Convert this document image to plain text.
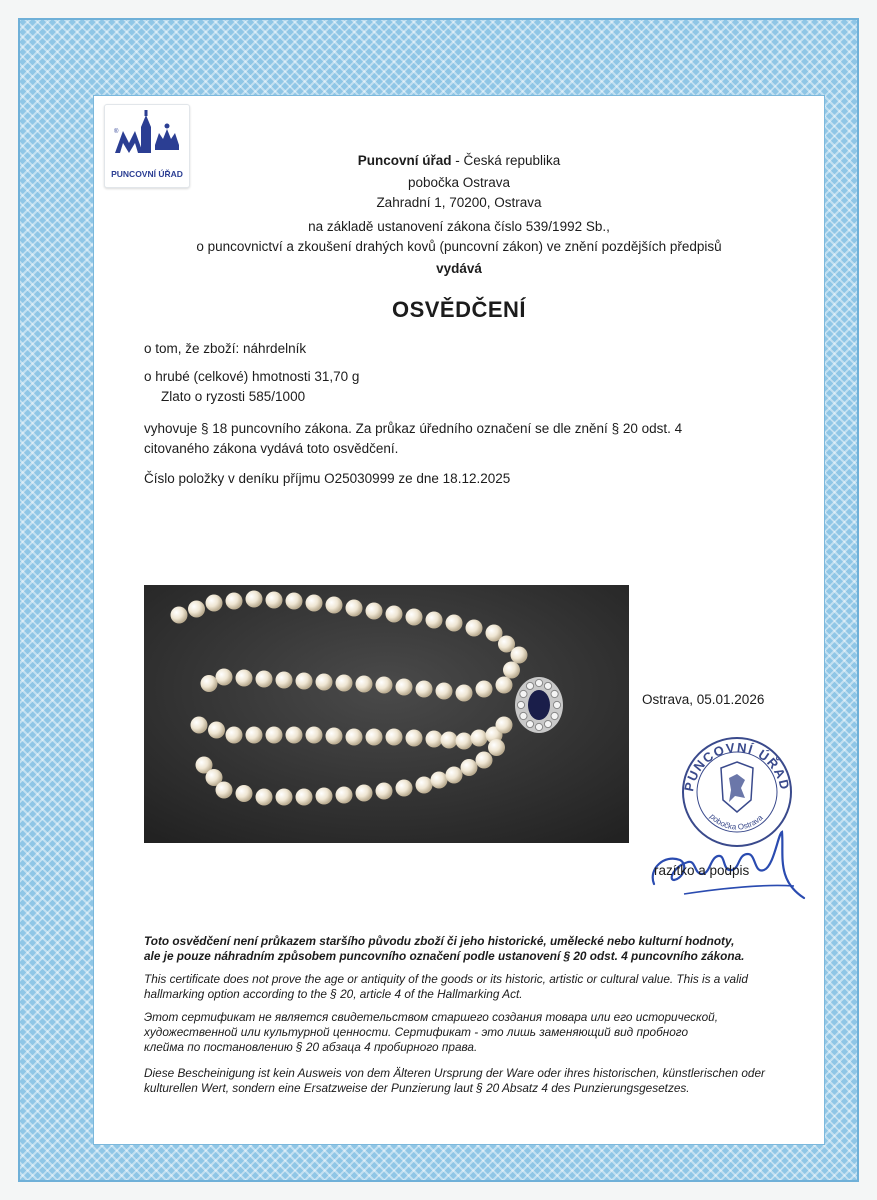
®
PUNCOVNÍ ÚŘAD
Puncovní úřad - Česká republika
pobočka Ostrava
Zahradní 1, 70200, Ostrava
na základě ustanovení zákona číslo 539/1992 Sb.,
o puncovnictví a zkoušení drahých kovů (puncovní zákon) ve znění pozdějších předpisů
vydává
OSVĚDČENÍ
o tom, že zboží: náhrdelník
o hrubé (celkové) hmotnosti 31,70 g
Zlato o ryzosti 585/1000
vyhovuje § 18 puncovního zákona. Za průkaz úředního označení se dle znění § 20 odst. 4
citovaného zákona vydává toto osvědčení.
Číslo položky v deníku příjmu O25030999 ze dne 18.12.2025
Ostrava, 05.01.2026
PUNCOVNÍ ÚŘAD
pobočka Ostrava
razítko a podpis
Toto osvědčení není průkazem staršího původu zboží či jeho historické, umělecké nebo kulturní hodnoty,
ale je pouze náhradním způsobem puncovního označení podle ustanovení § 20 odst. 4 puncovního zákona.
This certificate does not prove the age or antiquity of the goods or its historic, artistic or cultural value. This is a valid
hallmarking option according to the § 20, article 4 of the Hallmarking Act.
Этот сертификат не является свидетельством старшего создания товара или его исторической,
художественной или культурной ценности. Сертификат - это лишь заменяющий вид пробного
клейма по постановлению § 20 абзаца 4 пробирного права.
Diese Bescheinigung ist kein Ausweis von dem Älteren Ursprung der Ware oder ihres historischen, künstlerischen oder
kulturellen Wert, sondern eine Ersatzweise der Punzierung laut § 20 Absatz 4 des Punzierungsgesetzes.
